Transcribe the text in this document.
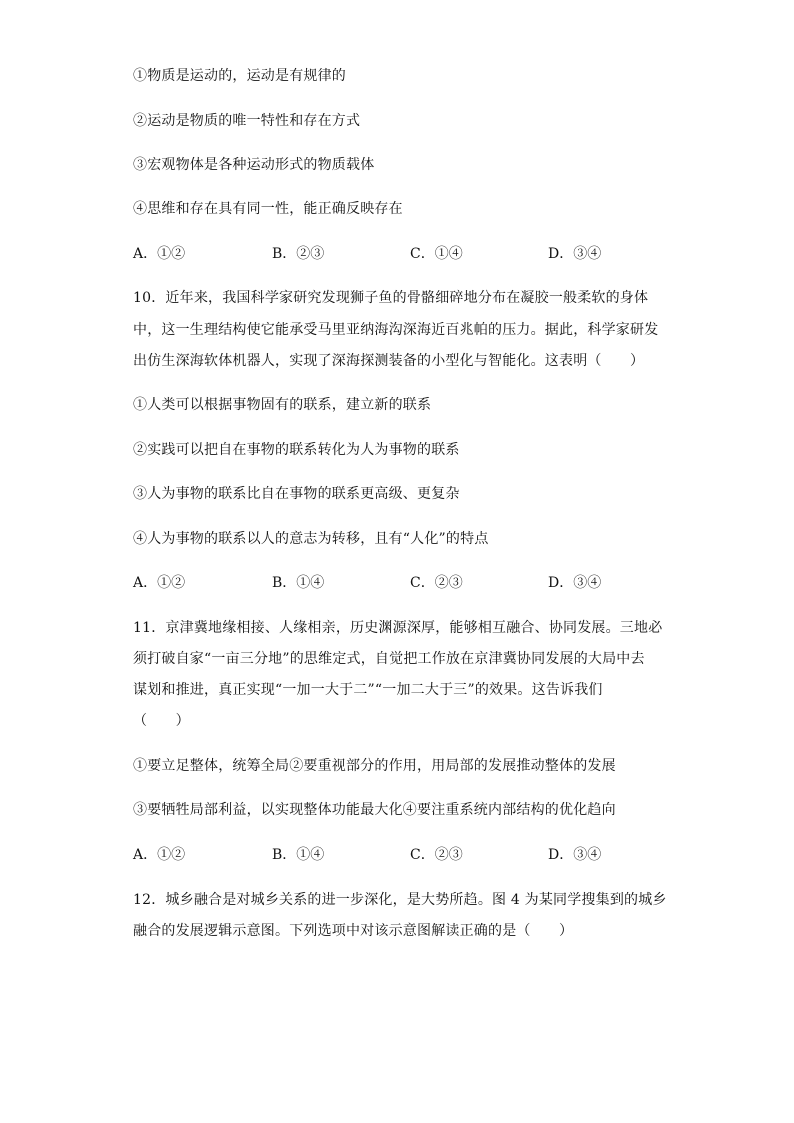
①物质是运动的，运动是有规律的
②运动是物质的唯一特性和存在方式
③宏观物体是各种运动形式的物质载体
④思维和存在具有同一性，能正确反映存在
A．①②	B．②③	C．①④	D．③④
10．近年来，我国科学家研究发现狮子鱼的骨骼细碎地分布在凝胶一般柔软的身体
中，这一生理结构使它能承受马里亚纳海沟深海近百兆帕的压力。据此，科学家研发
出仿生深海软体机器人，实现了深海探测装备的小型化与智能化。这表明（　　）
①人类可以根据事物固有的联系，建立新的联系
②实践可以把自在事物的联系转化为人为事物的联系
③人为事物的联系比自在事物的联系更高级、更复杂
④人为事物的联系以人的意志为转移，且有“人化”的特点
A．①②	B．①④	C．②③	D．③④
11．京津冀地缘相接、人缘相亲，历史渊源深厚，能够相互融合、协同发展。三地必
须打破自家“一亩三分地”的思维定式，自觉把工作放在京津冀协同发展的大局中去
谋划和推进，真正实现“一加一大于二”“一加二大于三”的效果。这告诉我们
（　　）
①要立足整体，统筹全局②要重视部分的作用，用局部的发展推动整体的发展
③要牺牲局部利益，以实现整体功能最大化④要注重系统内部结构的优化趋向
A．①②	B．①④	C．②③	D．③④
12．城乡融合是对城乡关系的进一步深化，是大势所趋。图 4 为某同学搜集到的城乡
融合的发展逻辑示意图。下列选项中对该示意图解读正确的是（　　）
